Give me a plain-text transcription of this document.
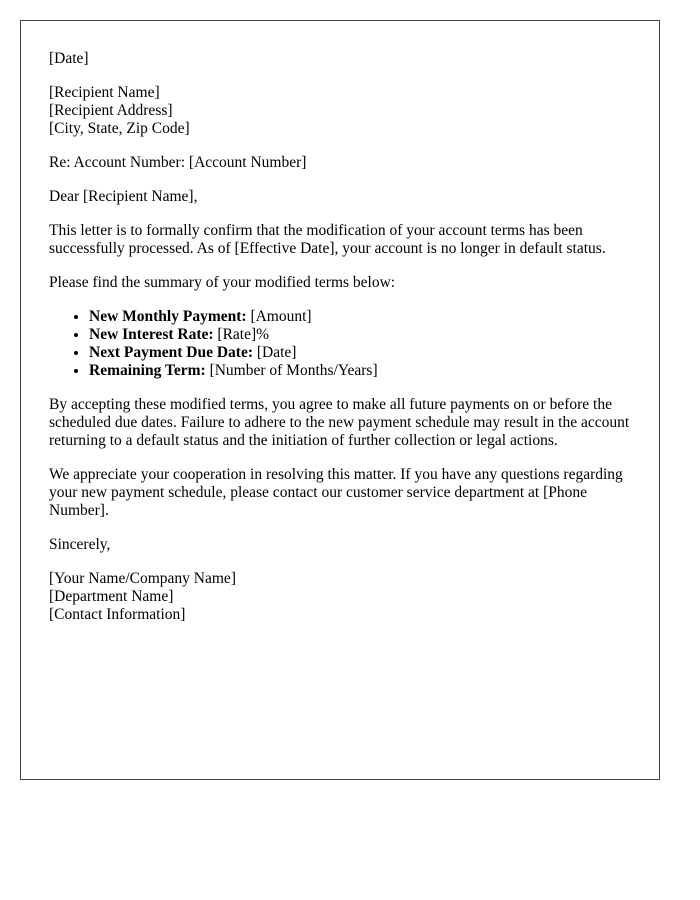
[Date]

[Recipient Name]
[Recipient Address]
[City, State, Zip Code]

Re: Account Number: [Account Number]

Dear [Recipient Name],

This letter is to formally confirm that the modification of your account terms has been successfully processed. As of [Effective Date], your account is no longer in default status.

Please find the summary of your modified terms below:

• New Monthly Payment: [Amount]
• New Interest Rate: [Rate]%
• Next Payment Due Date: [Date]
• Remaining Term: [Number of Months/Years]

By accepting these modified terms, you agree to make all future payments on or before the scheduled due dates. Failure to adhere to the new payment schedule may result in the account returning to a default status and the initiation of further collection or legal actions.

We appreciate your cooperation in resolving this matter. If you have any questions regarding your new payment schedule, please contact our customer service department at [Phone Number].

Sincerely,

[Your Name/Company Name]
[Department Name]
[Contact Information]
